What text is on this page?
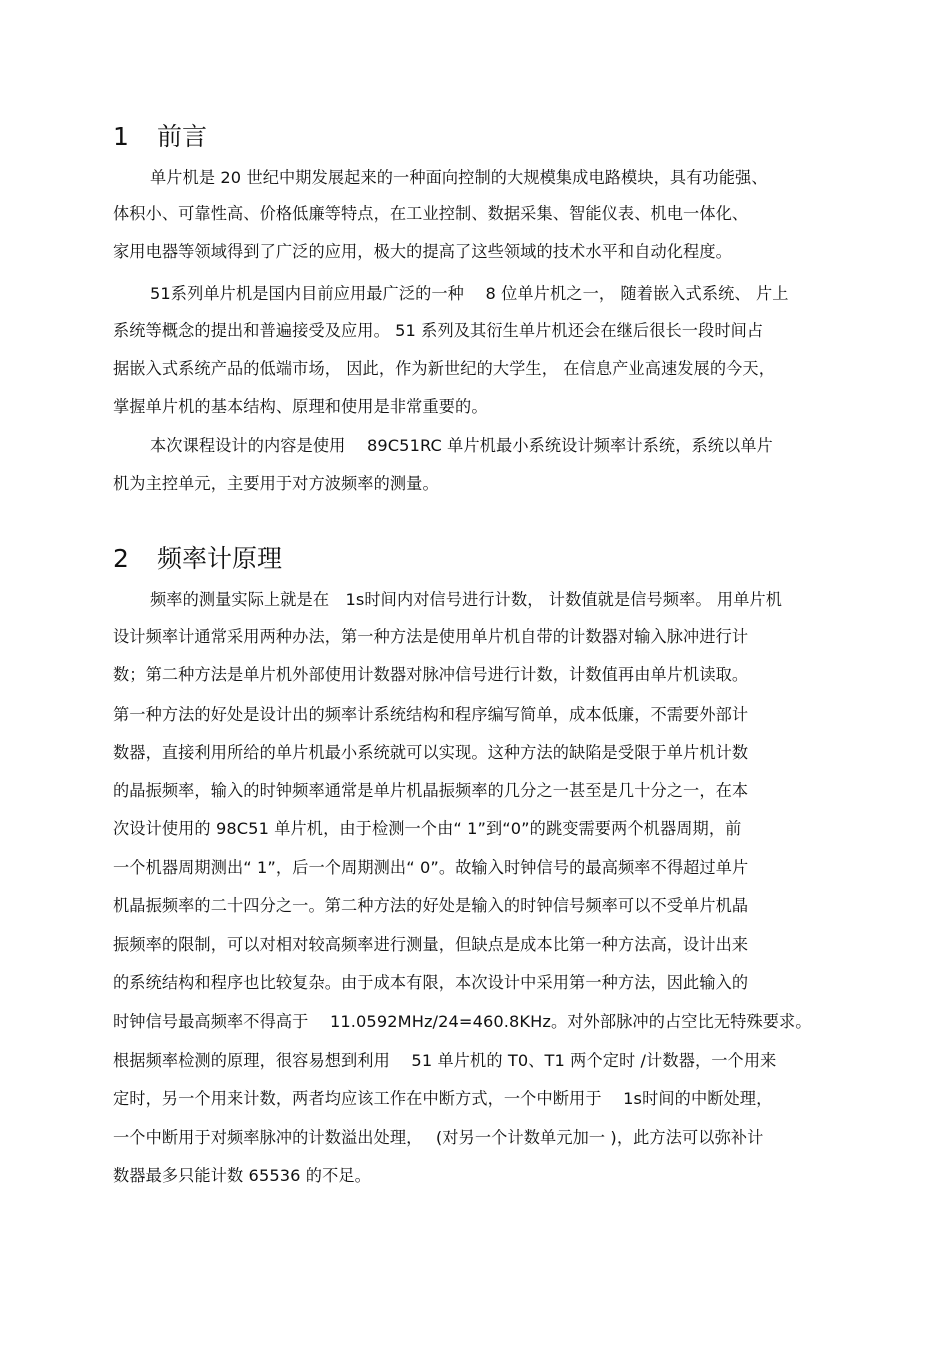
1 前言
单片机是 20 世纪中期发展起来的一种面向控制的大规模集成电路模块，具有功能强、
体积小、可靠性高、价格低廉等特点，在工业控制、数据采集、智能仪表、机电一体化、
家用电器等领域得到了广泛的应用，极大的提高了这些领域的技术水平和自动化程度。
51系列单片机是国内目前应用最广泛的一种　 8 位单片机之一， 随着嵌入式系统、 片上
系统等概念的提出和普遍接受及应用。 51 系列及其衍生单片机还会在继后很长一段时间占
据嵌入式系统产品的低端市场， 因此，作为新世纪的大学生， 在信息产业高速发展的今天，
掌握单片机的基本结构、原理和使用是非常重要的。
本次课程设计的内容是使用　 89C51RC 单片机最小系统设计频率计系统，系统以单片
机为主控单元，主要用于对方波频率的测量。
2 频率计原理
频率的测量实际上就是在　1s时间内对信号进行计数， 计数值就是信号频率。 用单片机
设计频率计通常采用两种办法，第一种方法是使用单片机自带的计数器对输入脉冲进行计
数；第二种方法是单片机外部使用计数器对脉冲信号进行计数，计数值再由单片机读取。
第一种方法的好处是设计出的频率计系统结构和程序编写简单，成本低廉，不需要外部计
数器，直接利用所给的单片机最小系统就可以实现。这种方法的缺陷是受限于单片机计数
的晶振频率，输入的时钟频率通常是单片机晶振频率的几分之一甚至是几十分之一，在本
次设计使用的 98C51 单片机，由于检测一个由“ 1”到“0”的跳变需要两个机器周期，前
一个机器周期测出“ 1”，后一个周期测出“ 0”。故输入时钟信号的最高频率不得超过单片
机晶振频率的二十四分之一。第二种方法的好处是输入的时钟信号频率可以不受单片机晶
振频率的限制，可以对相对较高频率进行测量，但缺点是成本比第一种方法高，设计出来
的系统结构和程序也比较复杂。由于成本有限，本次设计中采用第一种方法，因此输入的
时钟信号最高频率不得高于　 11.0592MHz/24=460.8KHz。对外部脉冲的占空比无特殊要求。
根据频率检测的原理，很容易想到利用　 51 单片机的 T0、T1 两个定时 /计数器，一个用来
定时，另一个用来计数，两者均应该工作在中断方式，一个中断用于　 1s时间的中断处理，
一个中断用于对频率脉冲的计数溢出处理，　 (对另一个计数单元加一 )，此方法可以弥补计
数器最多只能计数 65536 的不足。
